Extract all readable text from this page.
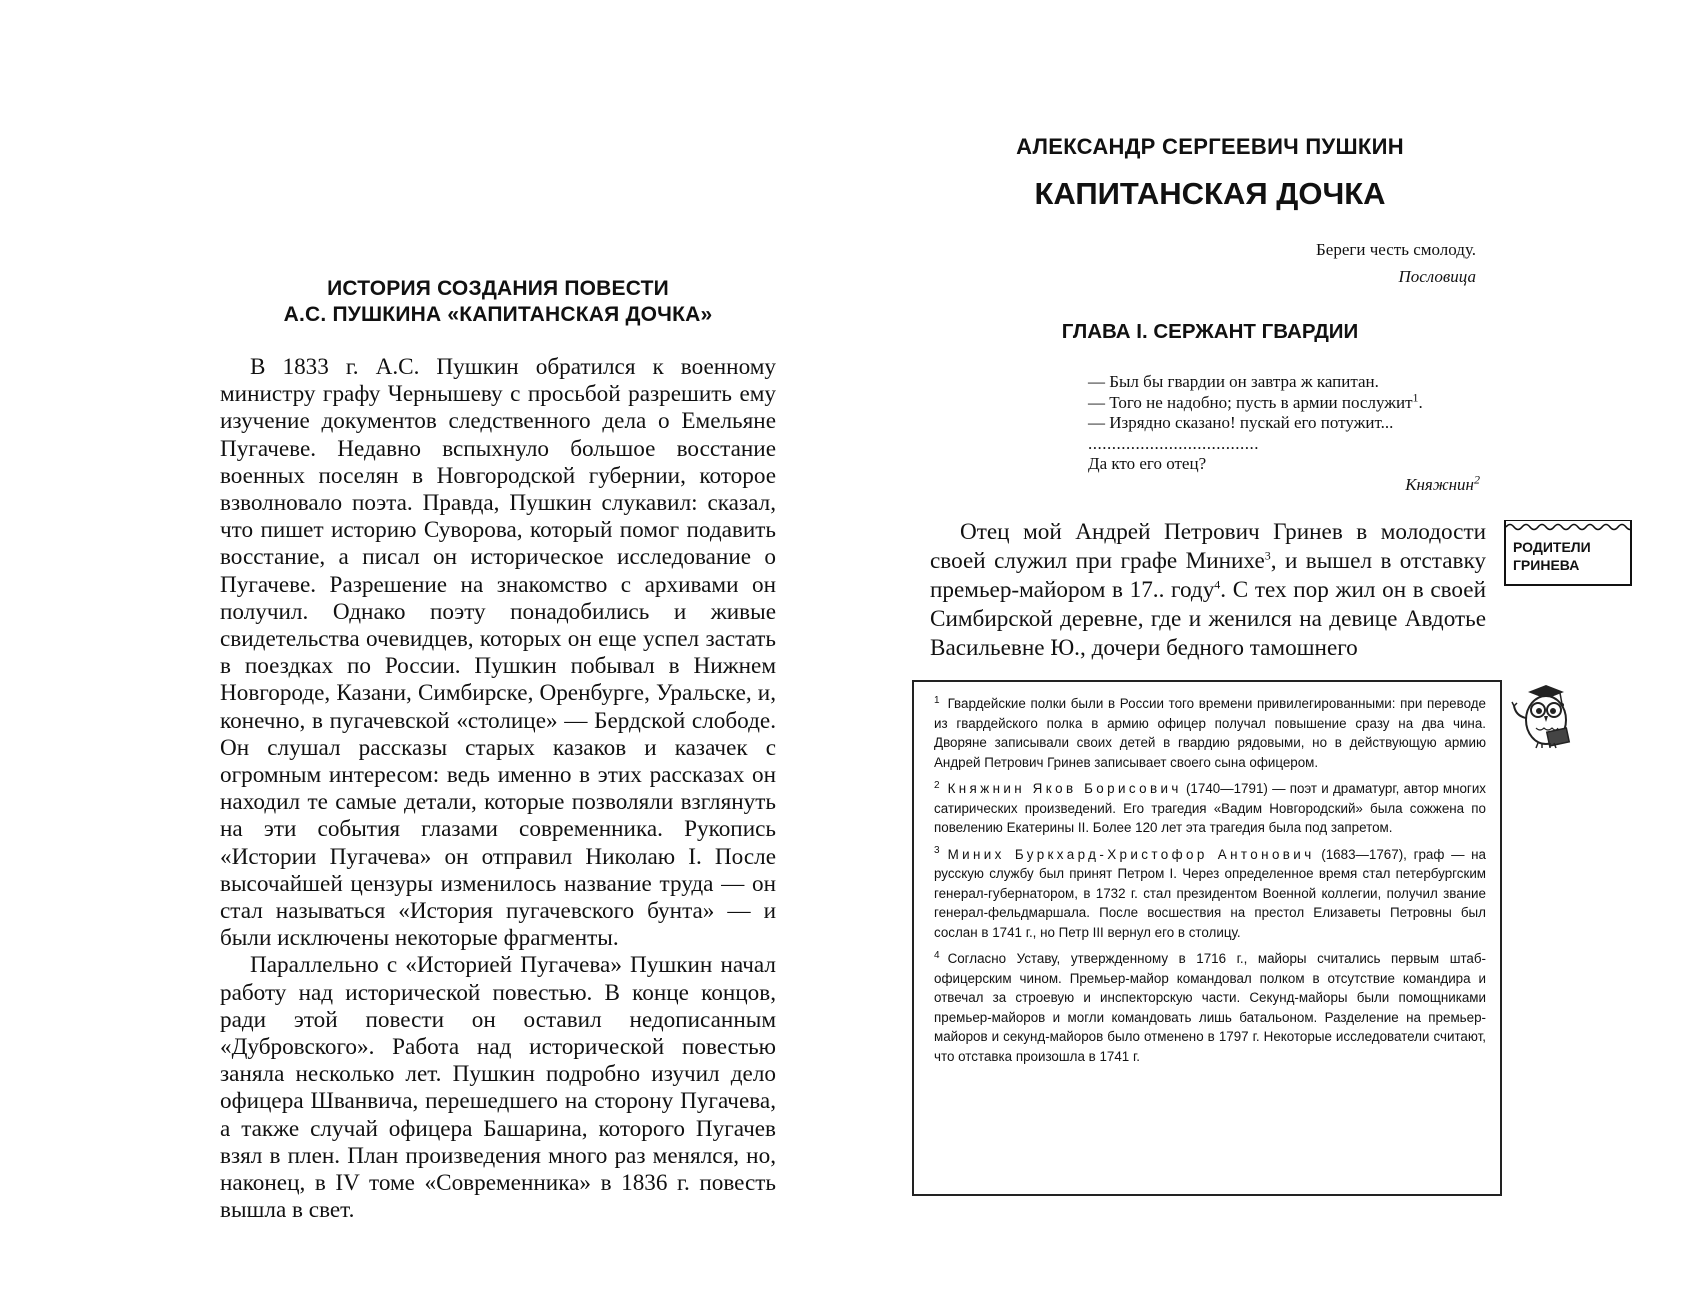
ИСТОРИЯ СОЗДАНИЯ ПОВЕСТИ
А.С. ПУШКИНА «КАПИТАНСКАЯ ДОЧКА»

В 1833 г. А.С. Пушкин обратился к военному министру графу Чернышеву с просьбой разрешить ему изучение документов следственного дела о Емельяне Пугачеве. Недавно вспыхнуло большое восстание военных поселян в Новгородской губернии, которое взволновало поэта. Правда, Пушкин слукавил: сказал, что пишет историю Суворова, который помог подавить восстание, а писал он историческое исследование о Пугачеве. Разрешение на знакомство с архивами он получил. Однако поэту понадобились и живые свидетельства очевидцев, которых он еще успел застать в поездках по России. Пушкин побывал в Нижнем Новгороде, Казани, Симбирске, Оренбурге, Уральске, и, конечно, в пугачевской «столице» — Бердской слободе. Он слушал рассказы старых казаков и казачек с огромным интересом: ведь именно в этих рассказах он находил те самые детали, которые позволяли взглянуть на эти события глазами современника. Рукопись «Истории Пугачева» он отправил Николаю I. После высочайшей цензуры изменилось название труда — он стал называться «История пугачевского бунта» — и были исключены некоторые фрагменты.

Параллельно с «Историей Пугачева» Пушкин начал работу над исторической повестью. В конце концов, ради этой повести он оставил недописанным «Дубровского». Работа над исторической повестью заняла несколько лет. Пушкин подробно изучил дело офицера Шванвича, перешедшего на сторону Пугачева, а также случай офицера Башарина, которого Пугачев взял в плен. План произведения много раз менялся, но, наконец, в IV томе «Современника» в 1836 г. повесть вышла в свет.

АЛЕКСАНДР СЕРГЕЕВИЧ ПУШКИН
КАПИТАНСКАЯ ДОЧКА
Береги честь смолоду.
Пословица
ГЛАВА I. СЕРЖАНТ ГВАРДИИ
— Был бы гвардии он завтра ж капитан.
— Того не надобно; пусть в армии послужит$^1$.
— Изрядно сказано! пускай его потужит...
....................................
Да кто его отец?
Княжнин$^2$

Отец мой Андрей Петрович Гринев в молодости своей служил при графе Минихе$^3$, и вышел в отставку премьер-майором в 17.. году$^4$. С тех пор жил он в своей Симбирской деревне, где и женился на девице Авдотье Васильевне Ю., дочери бедного тамошнего

РОДИТЕЛИ
ГРИНЕВА

$^1$ Гвардейские полки были в России того времени привилегированными: при переводе из гвардейского полка в армию офицер получал повышение сразу на два чина. Дворяне записывали своих детей в гвардию рядовыми, но в действующую армию Андрей Петрович Гринев записывает своего сына офицером.

$^2$ Княжнин Яков Борисович (1740—1791) — поэт и драматург, автор многих сатирических произведений. Его трагедия «Вадим Новгородский» была сожжена по повелению Екатерины II. Более 120 лет эта трагедия была под запретом.

$^3$ Миних Буркхард-Христофор Антонович (1683—1767), граф — на русскую службу был принят Петром I. Через определенное время стал петербургским генерал-губернатором, в 1732 г. стал президентом Военной коллегии, получил звание генерал-фельдмаршала. После восшествия на престол Елизаветы Петровны был сослан в 1741 г., но Петр III вернул его в столицу.

$^4$ Согласно Уставу, утвержденному в 1716 г., майоры считались первым штаб-офицерским чином. Премьер-майор командовал полком в отсутствие командира и отвечал за строевую и инспекторскую части. Секунд-майоры были помощниками премьер-майоров и могли командовать лишь батальоном. Разделение на премьер-майоров и секунд-майоров было отменено в 1797 г. Некоторые исследователи считают, что отставка произошла в 1741 г.
